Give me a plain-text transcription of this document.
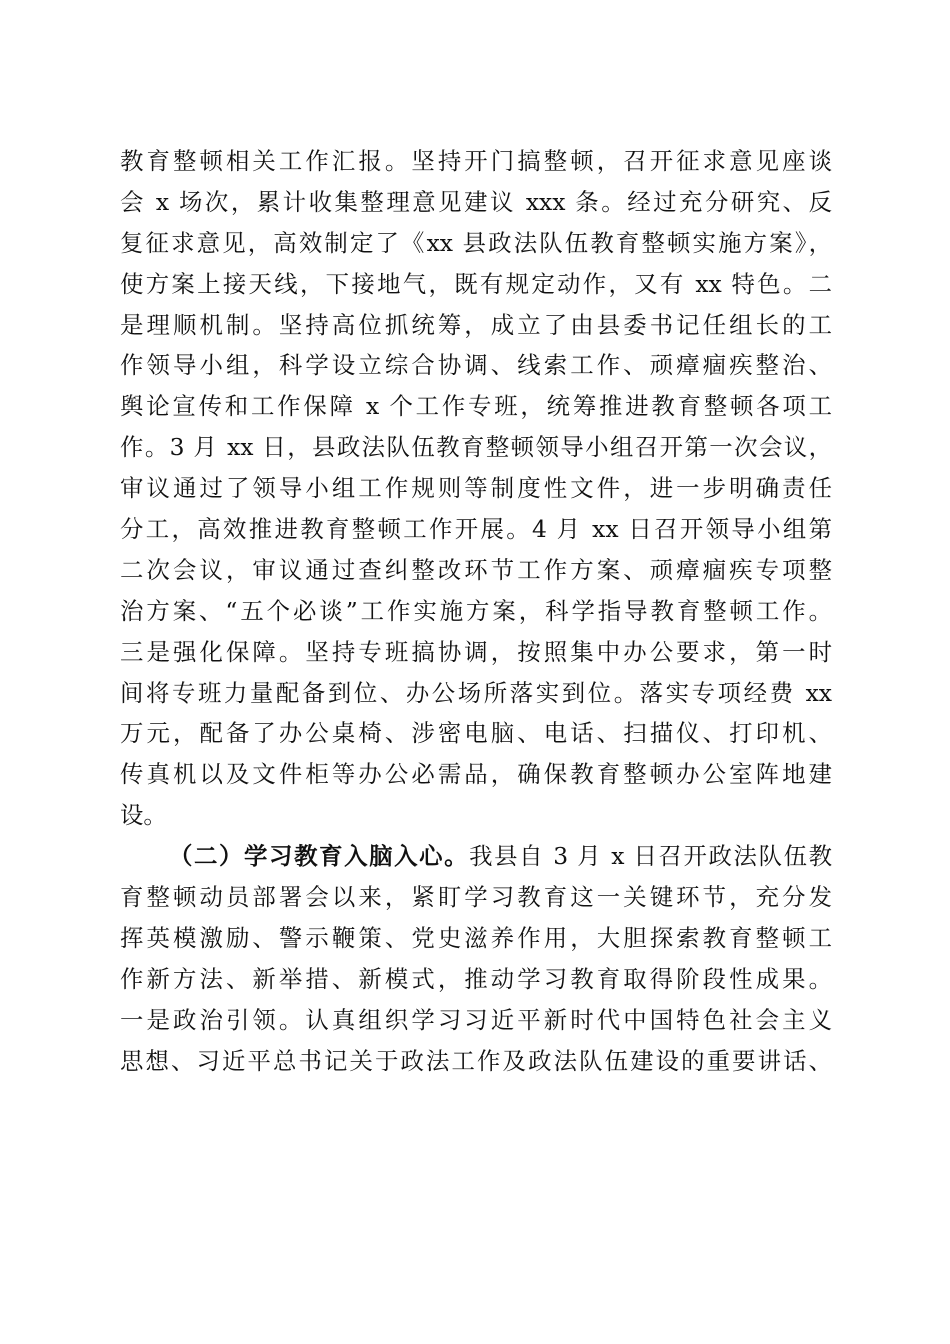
教育整顿相关工作汇报。坚持开门搞整顿，召开征求意见座谈
会 x 场次，累计收集整理意见建议 xxx 条。经过充分研究、反
复征求意见，高效制定了《xx 县政法队伍教育整顿实施方案》，
使方案上接天线，下接地气，既有规定动作，又有 xx 特色。二
是理顺机制。坚持高位抓统筹，成立了由县委书记任组长的工
作领导小组，科学设立综合协调、线索工作、顽瘴痼疾整治、
舆论宣传和工作保障 x 个工作专班，统筹推进教育整顿各项工
作。3 月 xx 日，县政法队伍教育整顿领导小组召开第一次会议，
审议通过了领导小组工作规则等制度性文件，进一步明确责任
分工，高效推进教育整顿工作开展。4 月 xx 日召开领导小组第
二次会议，审议通过查纠整改环节工作方案、顽瘴痼疾专项整
治方案、“五个必谈”工作实施方案，科学指导教育整顿工作。
三是强化保障。坚持专班搞协调，按照集中办公要求，第一时
间将专班力量配备到位、办公场所落实到位。落实专项经费 xx
万元，配备了办公桌椅、涉密电脑、电话、扫描仪、打印机、
传真机以及文件柜等办公必需品，确保教育整顿办公室阵地建
设。
（二）学习教育入脑入心。我县自 3 月 x 日召开政法队伍教
育整顿动员部署会以来，紧盯学习教育这一关键环节，充分发
挥英模激励、警示鞭策、党史滋养作用，大胆探索教育整顿工
作新方法、新举措、新模式，推动学习教育取得阶段性成果。
一是政治引领。认真组织学习习近平新时代中国特色社会主义
思想、习近平总书记关于政法工作及政法队伍建设的重要讲话、
